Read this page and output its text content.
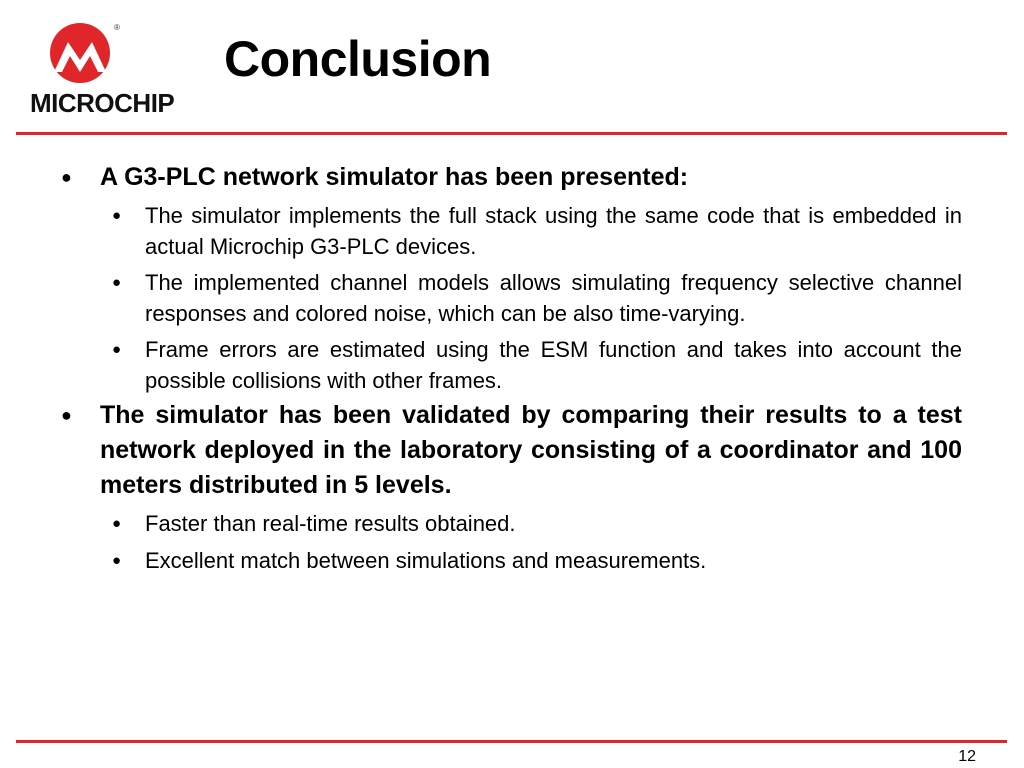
®
MICROCHIP
Conclusion
● A G3-PLC network simulator has been presented:
● The simulator implements the full stack using the same code that is embedded in actual Microchip G3-PLC devices.
● The implemented channel models allows simulating frequency selective channel responses and colored noise, which can be also time-varying.
● Frame errors are estimated using the ESM function and takes into account the possible collisions with other frames.
● The simulator has been validated by comparing their results to a test network deployed in the laboratory consisting of a coordinator and 100 meters distributed in 5 levels.
● Faster than real-time results obtained.
● Excellent match between simulations and measurements.
12
